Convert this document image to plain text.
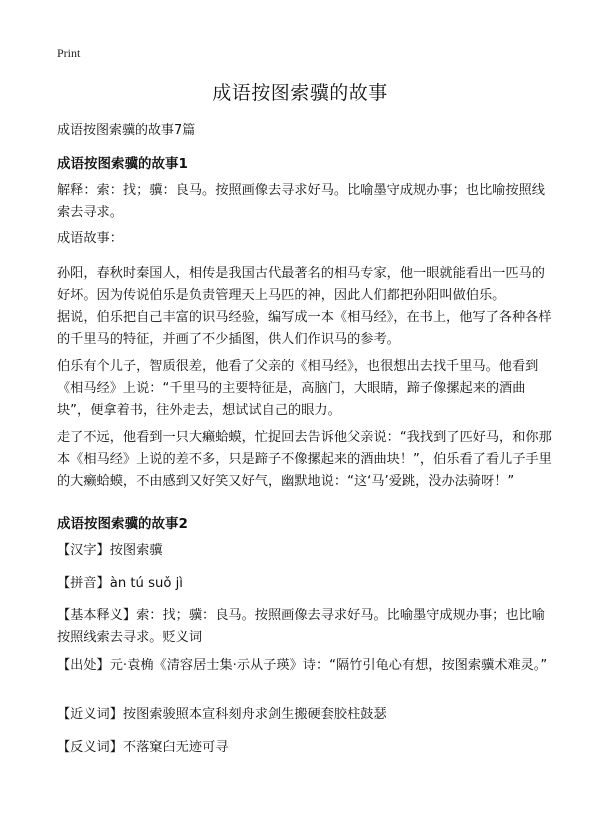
Print
成语按图索骥的故事
成语按图索骥的故事7篇
成语按图索骥的故事1

解释：索：找；骥：良马。按照画像去寻求好马。比喻墨守成规办事；也比喻按照线索去寻求。

成语故事：

孙阳，春秋时秦国人，相传是我国古代最著名的相马专家，他一眼就能看出一匹马的好坏。因为传说伯乐是负责管理天上马匹的神，因此人们都把孙阳叫做伯乐。

据说，伯乐把自己丰富的识马经验，编写成一本《相马经》，在书上，他写了各种各样的千里马的特征，并画了不少插图，供人们作识马的参考。

伯乐有个儿子，智质很差，他看了父亲的《相马经》，也很想出去找千里马。他看到《相马经》上说：“千里马的主要特征是，高脑门，大眼睛，蹄子像摞起来的酒曲块”，便拿着书，往外走去，想试试自己的眼力。

走了不远，他看到一只大癞蛤蟆，忙捉回去告诉他父亲说：“我找到了匹好马，和你那本《相马经》上说的差不多，只是蹄子不像摞起来的酒曲块！”，伯乐看了看儿子手里的大癞蛤蟆，不由感到又好笑又好气，幽默地说：“这‘马’爱跳，没办法骑呀！”

成语按图索骥的故事2
【汉字】按图索骥
【拼音】àn tú suǒ jì
【基本释义】索：找；骥：良马。按照画像去寻求好马。比喻墨守成规办事；也比喻按照线索去寻求。贬义词
【出处】元·袁桷《清容居士集·示从子瑛》诗：“隔竹引龟心有想，按图索骥术难灵。”
【近义词】按图索骏照本宣科刻舟求剑生搬硬套胶柱鼓瑟
【反义词】不落窠臼无迹可寻
